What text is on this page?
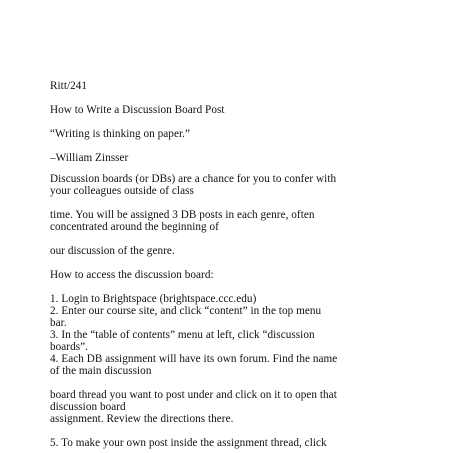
Ritt/241
How to Write a Discussion Board Post
“Writing is thinking on paper.”
–William Zinsser
Discussion boards (or DBs) are a chance for you to confer with
your colleagues outside of class
time. You will be assigned 3 DB posts in each genre, often
concentrated around the beginning of
our discussion of the genre.
How to access the discussion board:
1. Login to Brightspace (brightspace.ccc.edu)
2. Enter our course site, and click “content” in the top menu
bar.
3. In the “table of contents” menu at left, click “discussion
boards”.
4. Each DB assignment will have its own forum. Find the name
of the main discussion
board thread you want to post under and click on it to open that
discussion board
assignment. Review the directions there.
5. To make your own post inside the assignment thread, click
